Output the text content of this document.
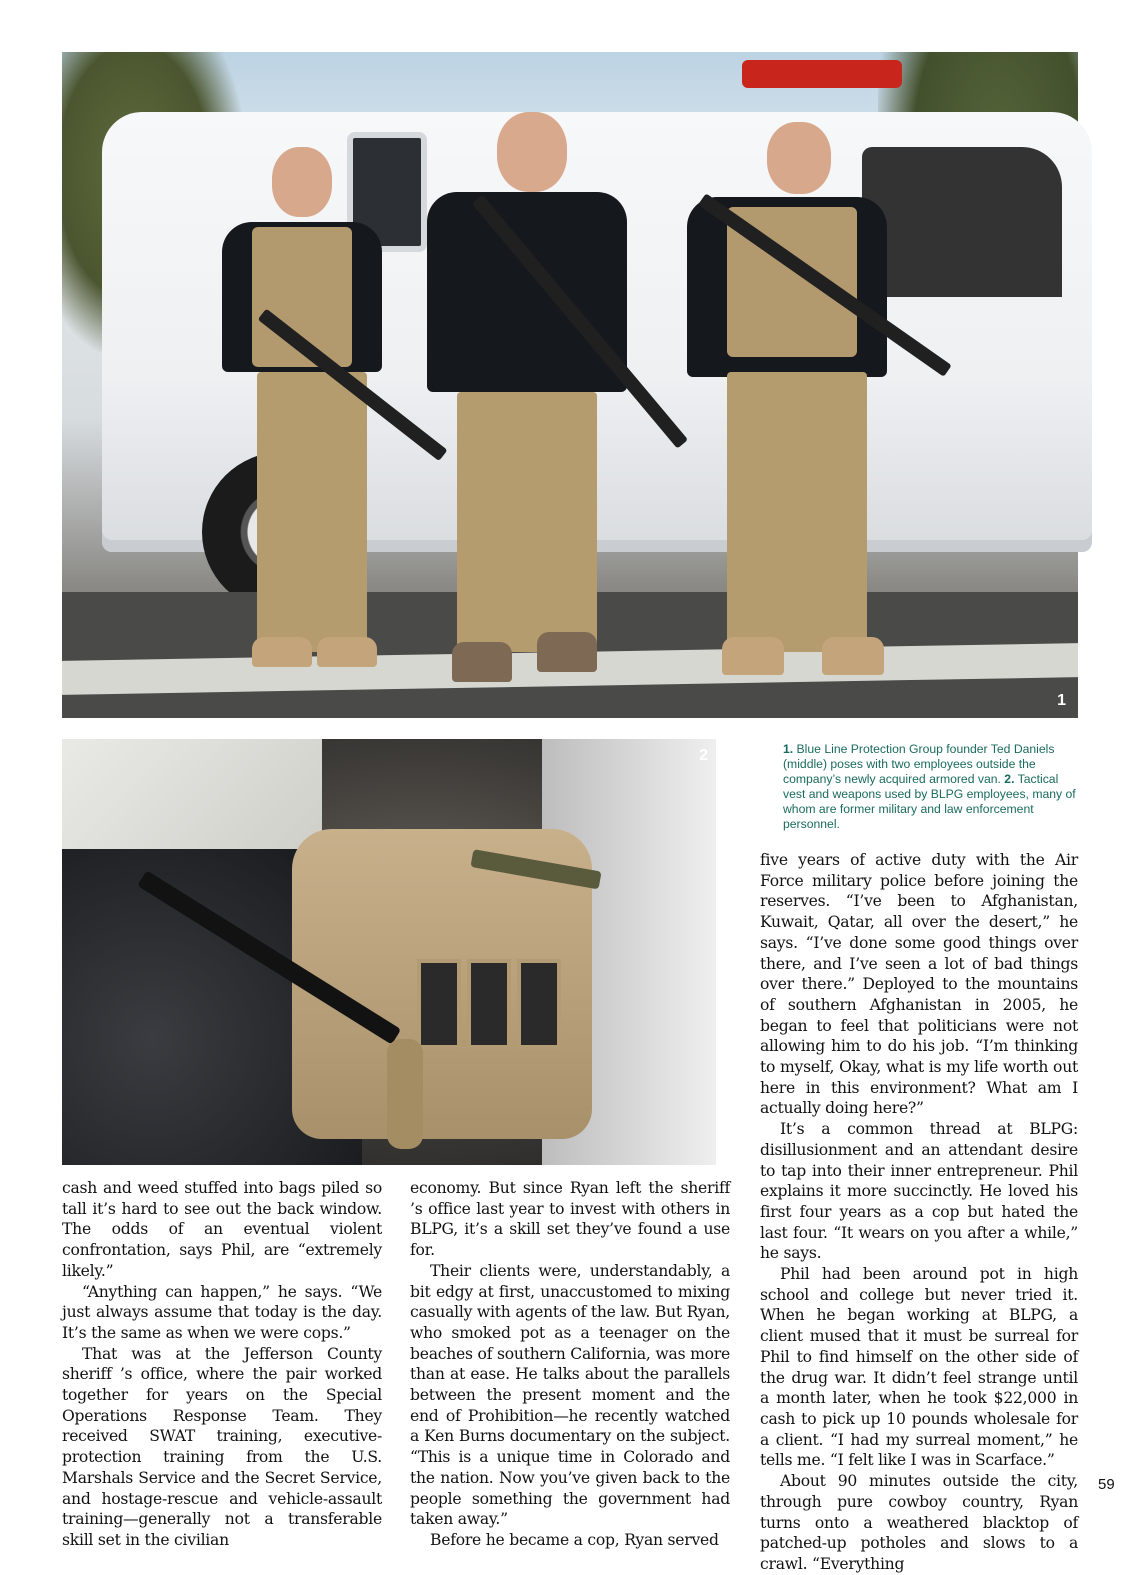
1
2	1. Blue Line Protection Group founder Ted Daniels (middle) poses with two employees outside the company’s newly acquired armored van. 2. Tactical vest and weapons used by BLPG employees, many of whom are former military and law enforcement personnel.

cash and weed stuffed into bags piled so tall it’s hard to see out the back window. The odds of an eventual violent confrontation, says Phil, are “extremely likely.”

“Anything can happen,” he says. “We just always assume that today is the day. It’s the same as when we were cops.”

That was at the Jefferson County sheriff ’s office, where the pair worked together for years on the Special Operations Response Team. They received SWAT training, executive-protection training from the U.S. Marshals Service and the Secret Service, and hostage-rescue and vehicle-assault training—generally not a transferable skill set in the civilian

economy. But since Ryan left the sheriff ’s office last year to invest with others in BLPG, it’s a skill set they’ve found a use for.

Their clients were, understandably, a bit edgy at first, unaccustomed to mixing casually with agents of the law. But Ryan, who smoked pot as a teenager on the beaches of southern California, was more than at ease. He talks about the parallels between the present moment and the end of Prohibition—he recently watched a Ken Burns documentary on the subject. “This is a unique time in Colorado and the nation. Now you’ve given back to the people something the government had taken away.”

Before he became a cop, Ryan served

five years of active duty with the Air Force military police before joining the reserves. “I’ve been to Afghanistan, Kuwait, Qatar, all over the desert,” he says. “I’ve done some good things over there, and I’ve seen a lot of bad things over there.” Deployed to the mountains of southern Afghanistan in 2005, he began to feel that politicians were not allowing him to do his job. “I’m thinking to myself, Okay, what is my life worth out here in this environment? What am I actually doing here?”

It’s a common thread at BLPG: disillusionment and an attendant desire to tap into their inner entrepreneur. Phil explains it more succinctly. He loved his first four years as a cop but hated the last four. “It wears on you after a while,” he says.

Phil had been around pot in high school and college but never tried it. When he began working at BLPG, a client mused that it must be surreal for Phil to find himself on the other side of the drug war. It didn’t feel strange until a month later, when he took $22,000 in cash to pick up 10 pounds wholesale for a client. “I had my surreal moment,” he tells me. “I felt like I was in Scarface.”

About 90 minutes outside the city, through pure cowboy country, Ryan turns onto a weathered blacktop of patched-up potholes and slows to a crawl. “Everything

59
